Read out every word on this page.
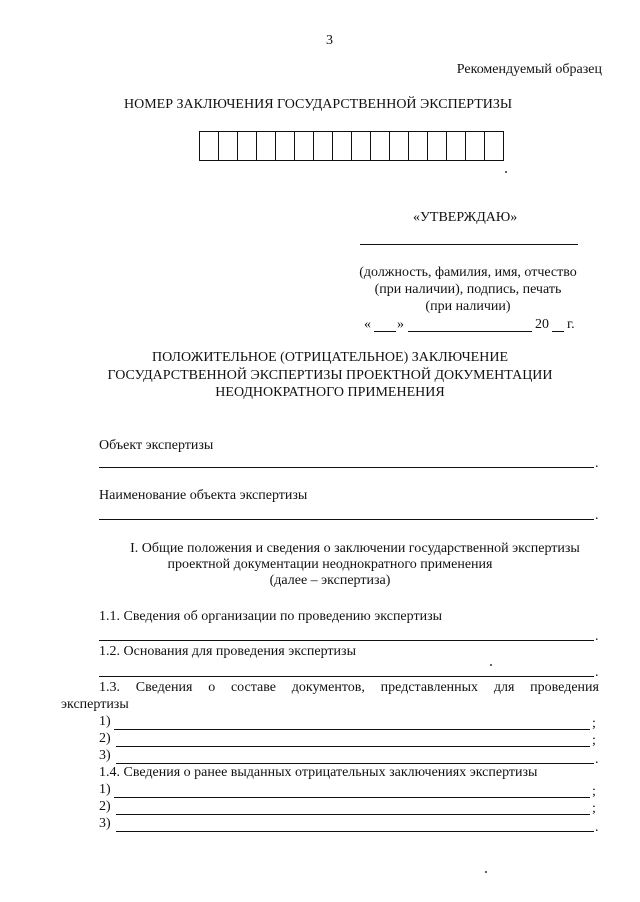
3
Рекомендуемый образец
НОМЕР ЗАКЛЮЧЕНИЯ ГОСУДАРСТВЕННОЙ ЭКСПЕРТИЗЫ
«УТВЕРЖДАЮ»
(должность, фамилия, имя, отчество
(при наличии), подпись, печать
(при наличии)
« »	20 г.
ПОЛОЖИТЕЛЬНОЕ (ОТРИЦАТЕЛЬНОЕ) ЗАКЛЮЧЕНИЕ
ГОСУДАРСТВЕННОЙ ЭКСПЕРТИЗЫ ПРОЕКТНОЙ ДОКУМЕНТАЦИИ
НЕОДНОКРАТНОГО ПРИМЕНЕНИЯ
Объект экспертизы
.
Наименование объекта экспертизы
.
I. Общие положения и сведения о заключении государственной экспертизы
проектной документации неоднократного применения
(далее – экспертиза)
1.1. Сведения об организации по проведению экспертизы
.
1.2. Основания для проведения экспертизы
.
1.3. Сведения о составе документов, представленных для проведения
экспертизы
1)	;
2)	;
3)	.
1.4. Сведения о ранее выданных отрицательных заключениях экспертизы
1)	;
2)	;
3)	.
